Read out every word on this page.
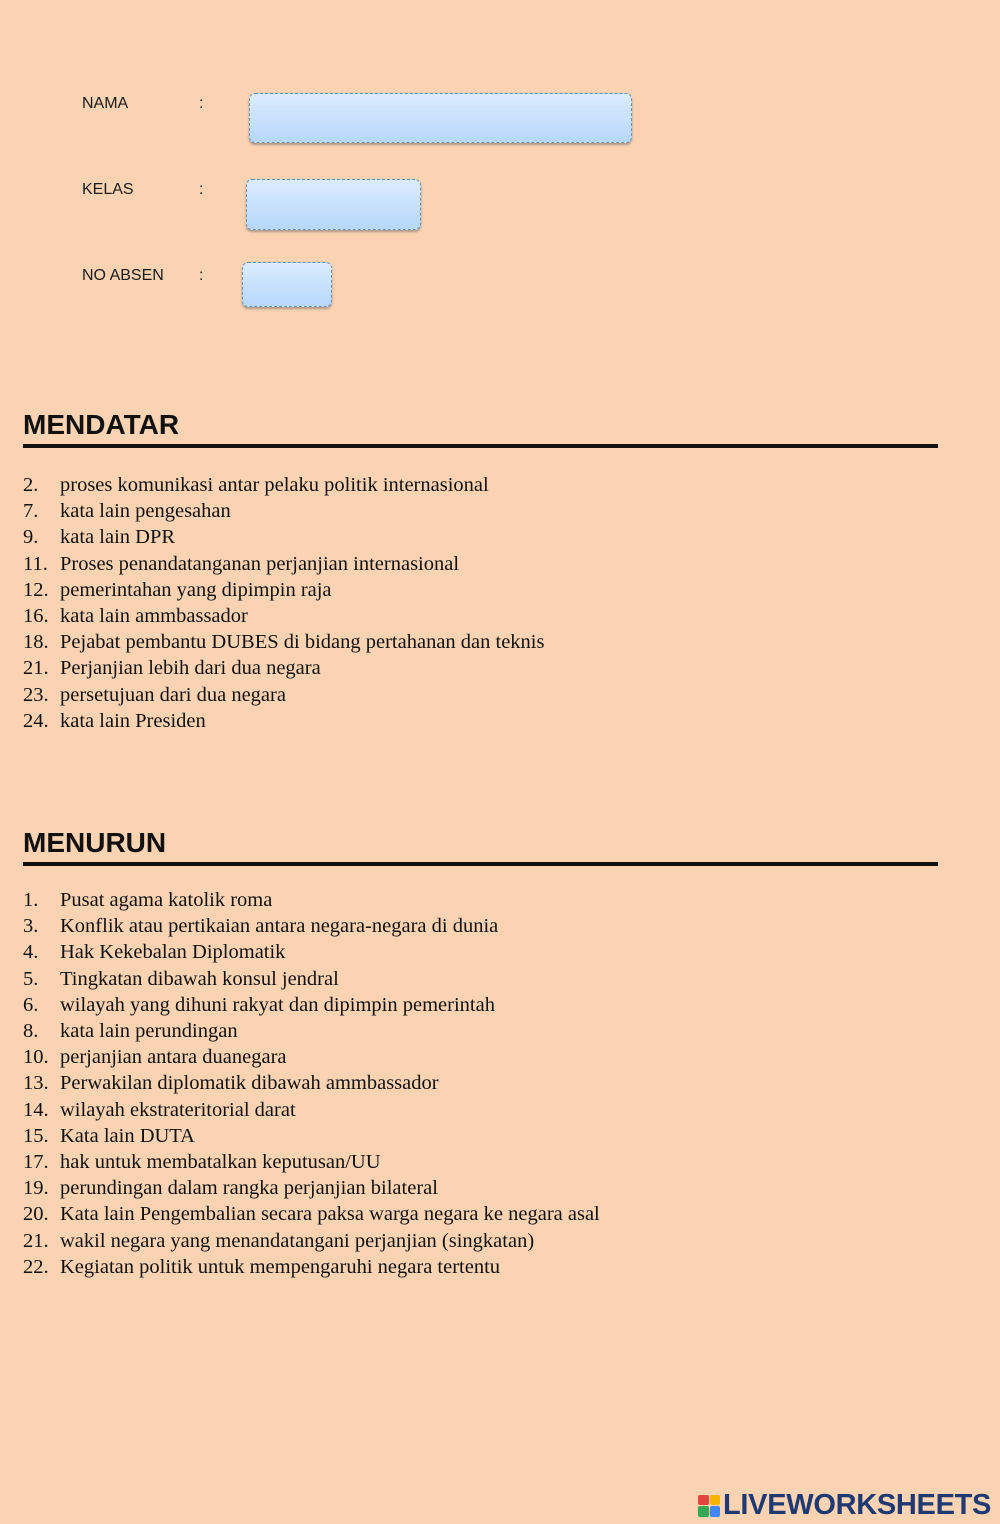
NAMA	:
KELAS	:
NO ABSEN :
MENDATAR
2.	proses komunikasi antar pelaku politik internasional
7.	kata lain pengesahan
9.	kata lain DPR
11. Proses penandatanganan perjanjian internasional
12. pemerintahan yang dipimpin raja
16. kata lain ammbassador
18. Pejabat pembantu DUBES di bidang pertahanan dan teknis
21. Perjanjian lebih dari dua negara
23. persetujuan dari dua negara
24. kata lain Presiden
MENURUN
1.	Pusat agama katolik roma
3.	Konflik atau pertikaian antara negara-negara di dunia
4.	Hak Kekebalan Diplomatik
5.	Tingkatan dibawah konsul jendral
6.	wilayah yang dihuni rakyat dan dipimpin pemerintah
8.	kata lain perundingan
10. perjanjian antara duanegara
13. Perwakilan diplomatik dibawah ammbassador
14. wilayah ekstrateritorial darat
15. Kata lain DUTA
17. hak untuk membatalkan keputusan/UU
19. perundingan dalam rangka perjanjian bilateral
20. Kata lain Pengembalian secara paksa warga negara ke negara asal
21. wakil negara yang menandatangani perjanjian (singkatan)
22. Kegiatan politik untuk mempengaruhi negara tertentu
LIVEWORKSHEETS
